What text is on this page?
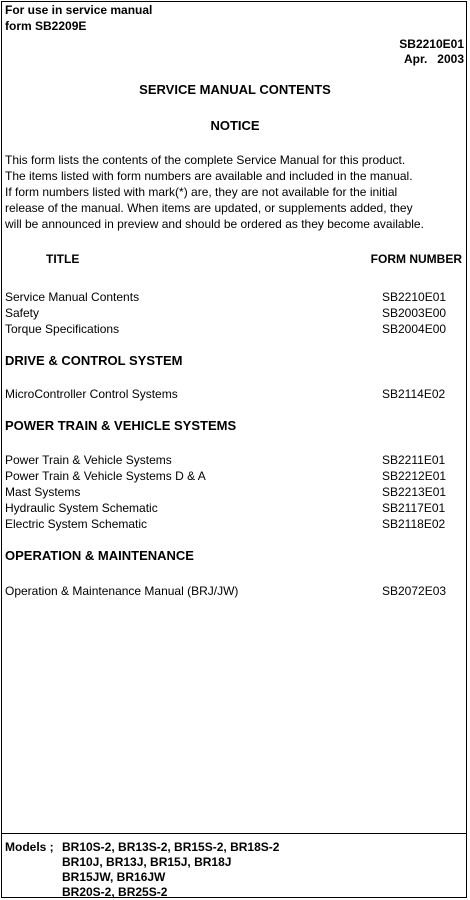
For use in service manual
form SB2209E
SB2210E01
Apr.   2003
SERVICE MANUAL CONTENTS
NOTICE
This form lists the contents of the complete Service Manual for this product.
The items listed with form numbers are available and included in the manual.
If form numbers listed with mark(*) are, they are not available for the initial
release of the manual. When items are updated, or supplements added, they
will be announced in preview and should be ordered as they become available.
TITLE	FORM NUMBER
Service Manual Contents	SB2210E01
Safety	SB2003E00
Torque Specifications	SB2004E00
DRIVE & CONTROL SYSTEM
MicroController Control Systems	SB2114E02
POWER TRAIN & VEHICLE SYSTEMS
Power Train & Vehicle Systems	SB2211E01
Power Train & Vehicle Systems D & A	SB2212E01
Mast Systems	SB2213E01
Hydraulic System Schematic	SB2117E01
Electric System Schematic	SB2118E02
OPERATION & MAINTENANCE
Operation & Maintenance Manual (BRJ/JW)	SB2072E03
Models ; BR10S-2, BR13S-2, BR15S-2, BR18S-2
BR10J, BR13J, BR15J, BR18J
BR15JW, BR16JW
BR20S-2, BR25S-2
